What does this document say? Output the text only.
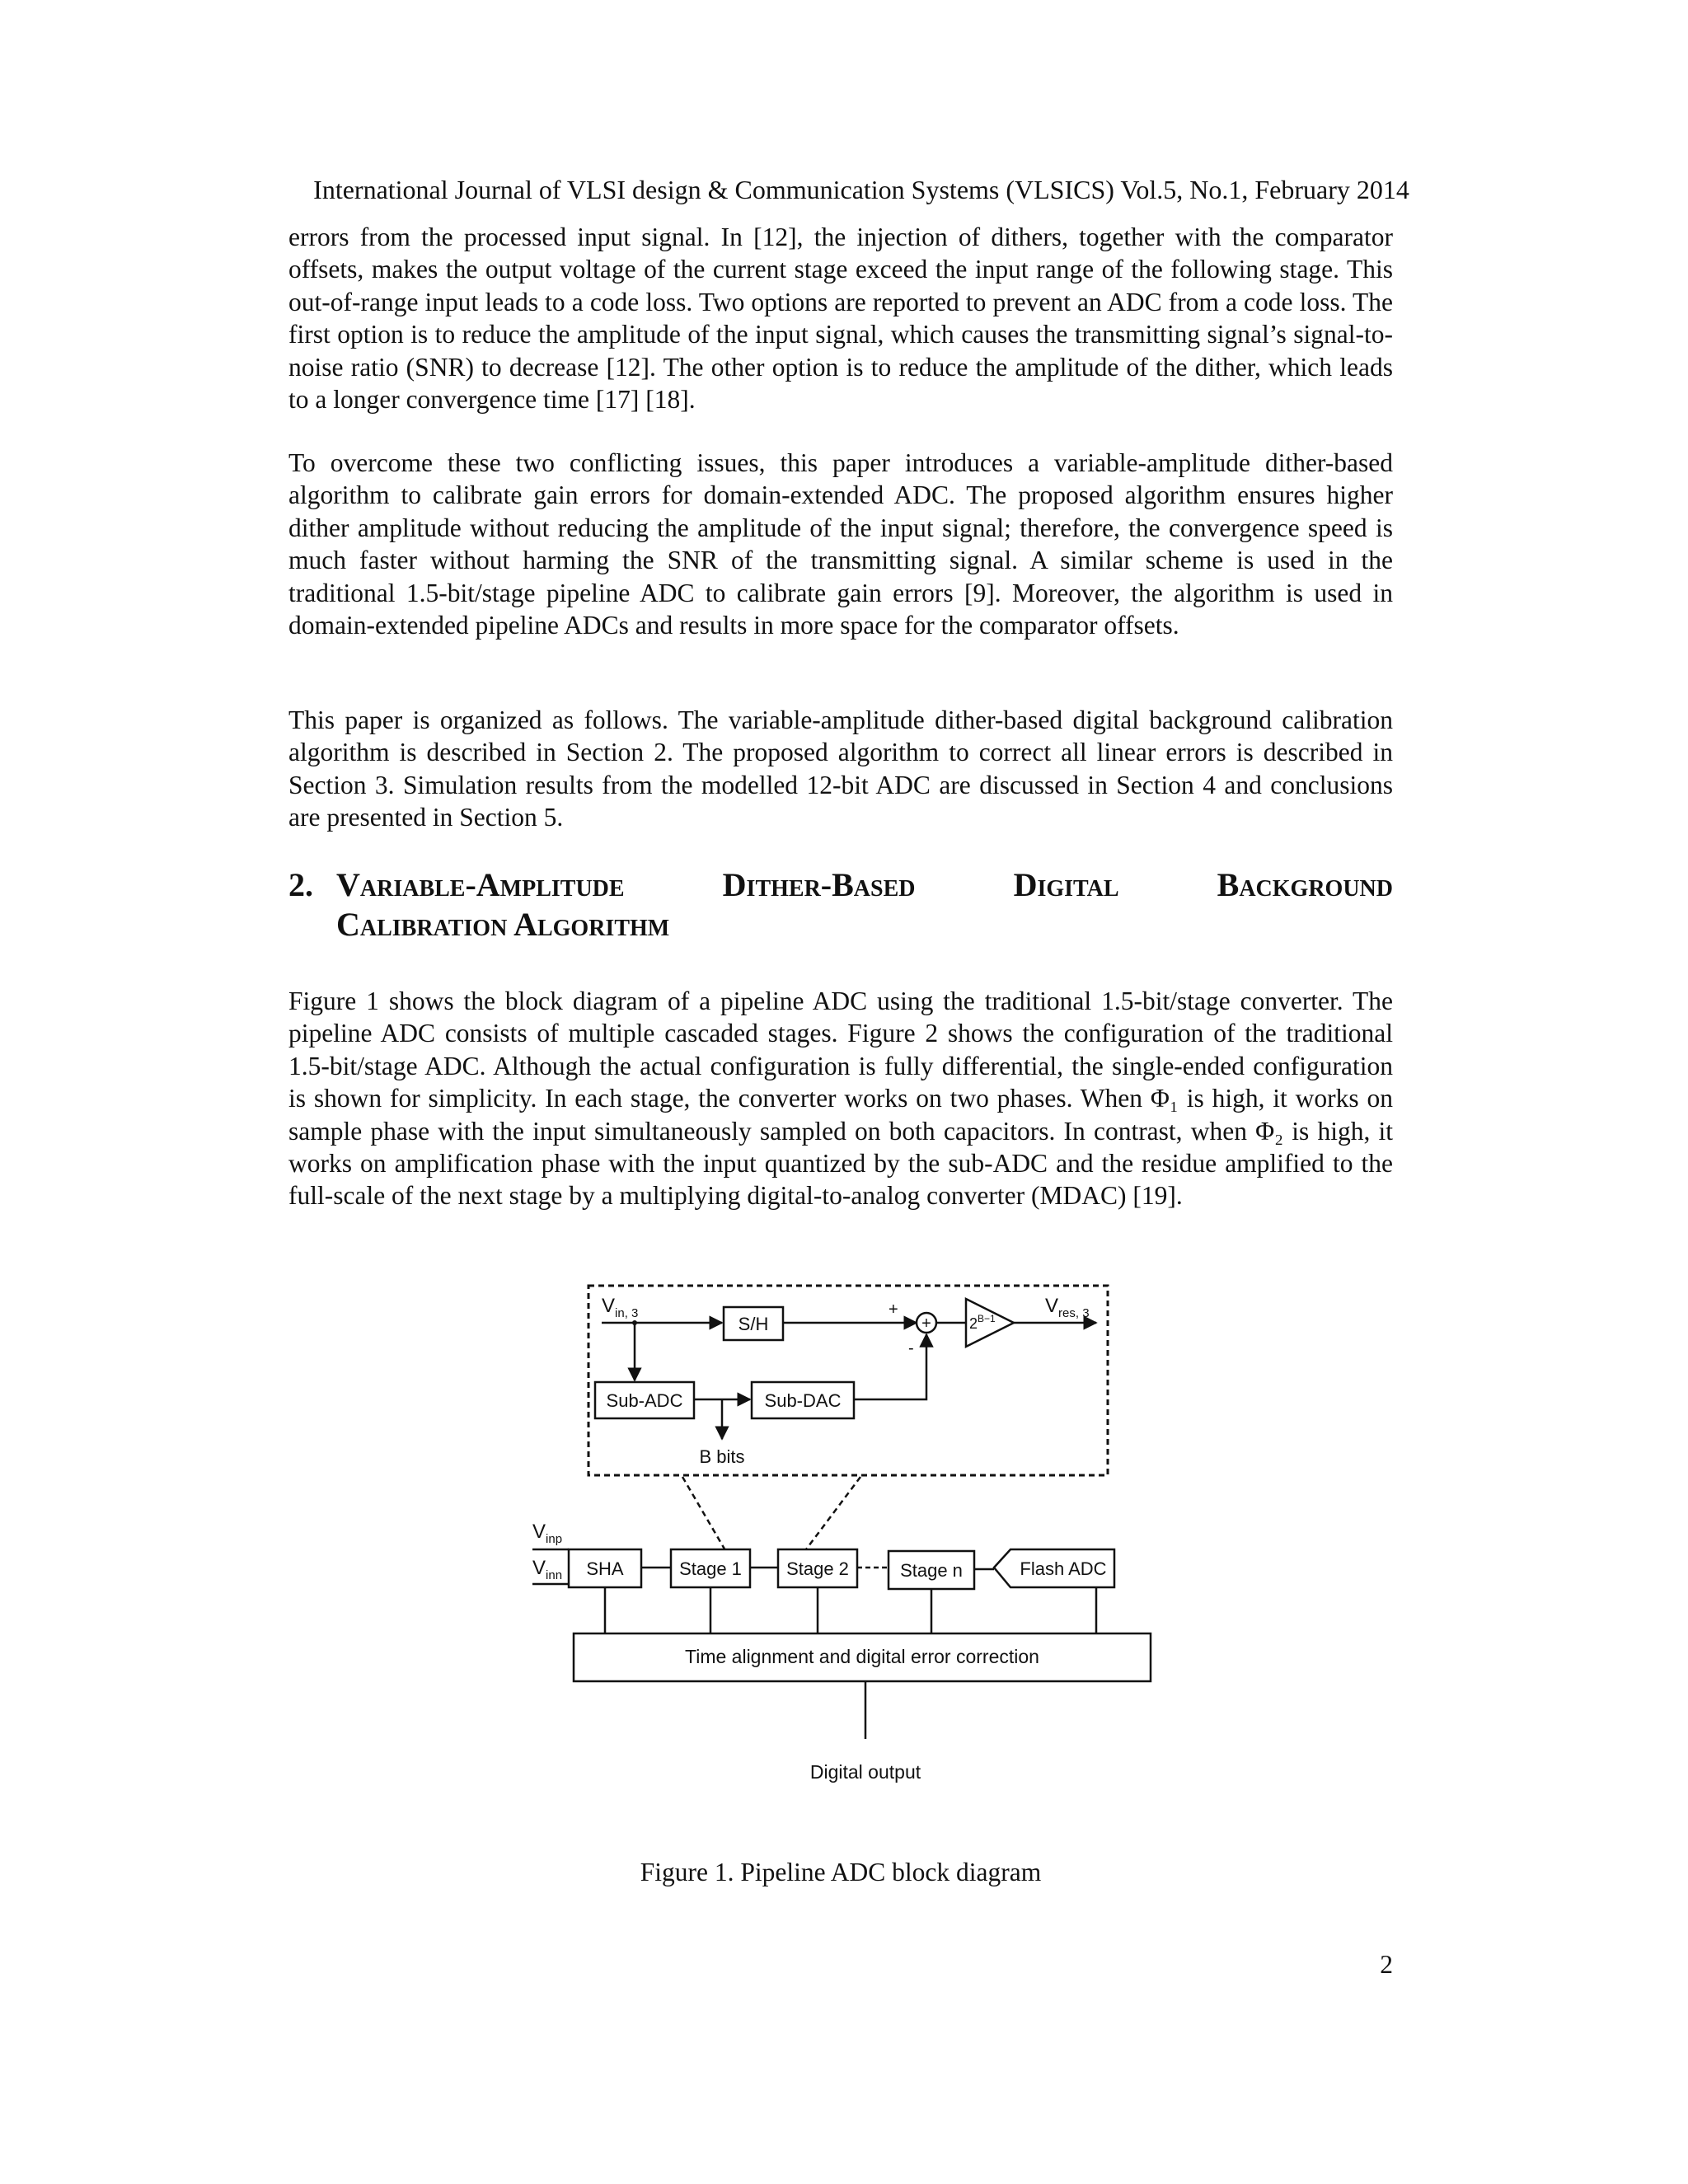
International Journal of VLSI design & Communication Systems (VLSICS) Vol.5, No.1, February 2014

errors from the processed input signal. In [12], the injection of dithers, together with the comparator offsets, makes the output voltage of the current stage exceed the input range of the following stage. This out-of-range input leads to a code loss. Two options are reported to prevent an ADC from a code loss. The first option is to reduce the amplitude of the input signal, which causes the transmitting signal’s signal-to-noise ratio (SNR) to decrease [12]. The other option is to reduce the amplitude of the dither, which leads to a longer convergence time [17] [18].

To overcome these two conflicting issues, this paper introduces a variable-amplitude dither-based algorithm to calibrate gain errors for domain-extended ADC. The proposed algorithm ensures higher dither amplitude without reducing the amplitude of the input signal; therefore, the convergence speed is much faster without harming the SNR of the transmitting signal. A similar scheme is used in the traditional 1.5-bit/stage pipeline ADC to calibrate gain errors [9]. Moreover, the algorithm is used in domain-extended pipeline ADCs and results in more space for the comparator offsets.

This paper is organized as follows. The variable-amplitude dither-based digital background calibration algorithm is described in Section 2. The proposed algorithm to correct all linear errors is described in Section 3. Simulation results from the modelled 12-bit ADC are discussed in Section 4 and conclusions are presented in Section 5.

2. Variable-Amplitude	Dither-Based	Digital	Background
Calibration Algorithm

Figure 1 shows the block diagram of a pipeline ADC using the traditional 1.5-bit/stage converter. The pipeline ADC consists of multiple cascaded stages. Figure 2 shows the configuration of the traditional 1.5-bit/stage ADC. Although the actual configuration is fully differential, the single-ended configuration is shown for simplicity. In each stage, the converter works on two phases. When Φ₁ is high, it works on sample phase with the input simultaneously sampled on both capacitors. In contrast, when Φ₂ is high, it works on amplification phase with the input quantized by the sub-ADC and the residue amplified to the full-scale of the next stage by a multiplying digital-to-analog converter (MDAC) [19].

$V_{in, 3}$
S/H
+
+
-
$2^{B-1}$
$V_{res, 3}$
Sub-ADC	Sub-DAC
B bits
$V_{inp}$
$V_{inn}$ SHA	Stage 1 Stage 2	Stage n	Flash ADC
Time alignment and digital error correction
Digital output
Figure 1. Pipeline ADC block diagram
2
